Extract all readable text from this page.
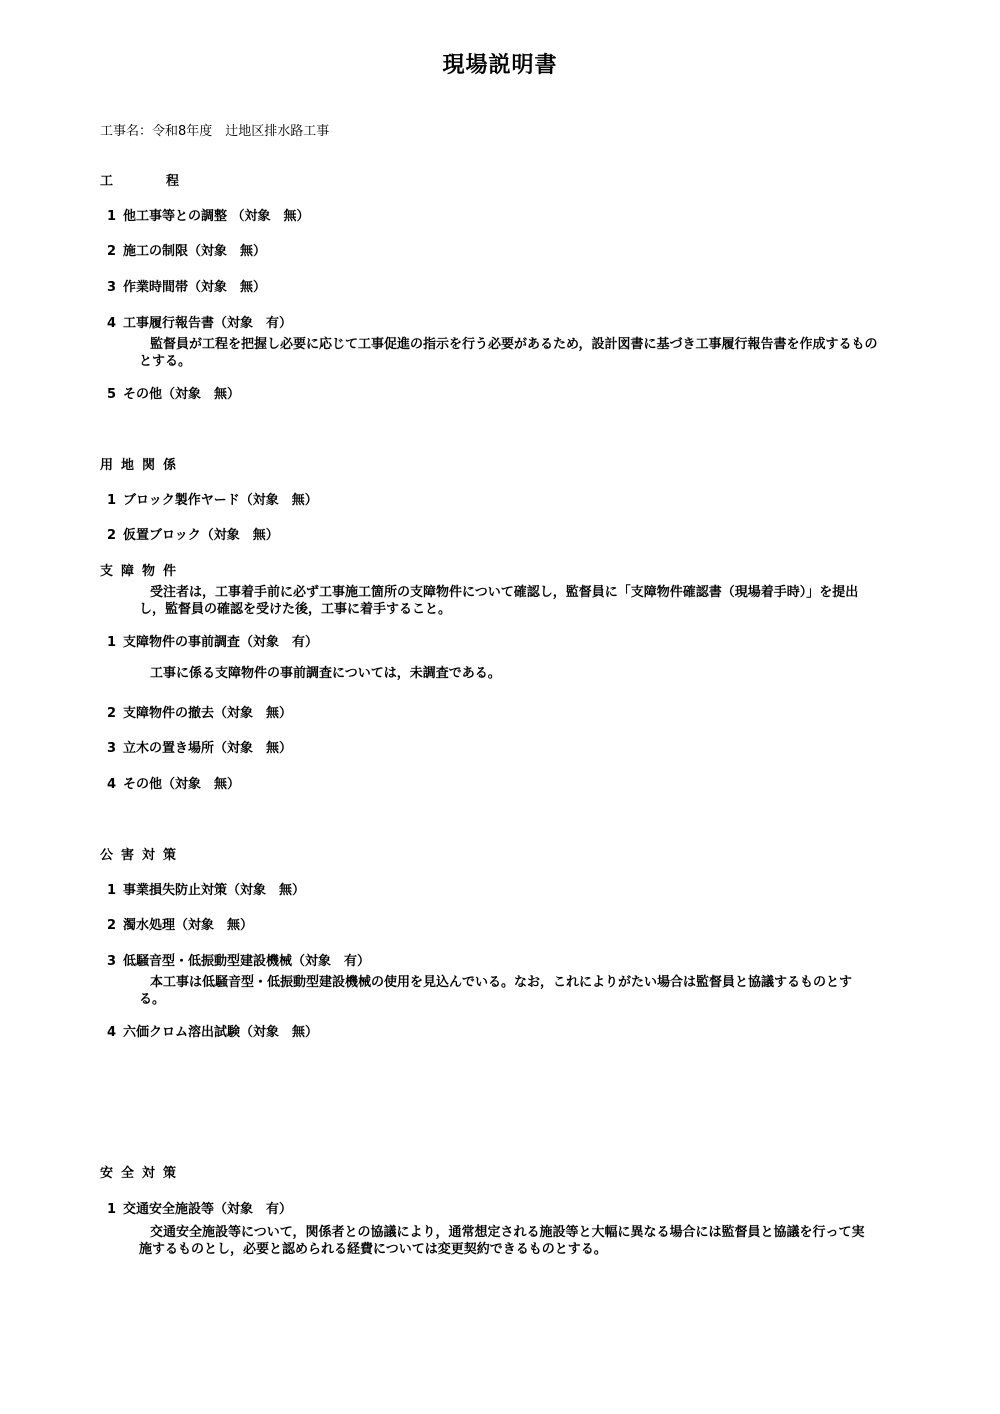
現場説明書
工事名：令和8年度　辻地区排水路工事
工　程
1 他工事等との調整 （対象　無）
2 施工の制限（対象　無）
3 作業時間帯（対象　無）
4 工事履行報告書（対象　有）
監督員が工程を把握し必要に応じて工事促進の指示を行う必要があるため，設計図書に基づき工事履行報告書を作成するものとする。
5 その他（対象　無）
用地関係
1 ブロック製作ヤード（対象　無）
2 仮置ブロック（対象　無）
支障物件
受注者は，工事着手前に必ず工事施工箇所の支障物件について確認し，監督員に「支障物件確認書（現場着手時）」を提出し，監督員の確認を受けた後，工事に着手すること。
1 支障物件の事前調査（対象　有）
工事に係る支障物件の事前調査については，未調査である。
2 支障物件の撤去（対象　無）
3 立木の置き場所（対象　無）
4 その他（対象　無）
公害対策
1 事業損失防止対策（対象　無）
2 濁水処理（対象　無）
3 低騒音型・低振動型建設機械（対象　有）
本工事は低騒音型・低振動型建設機械の使用を見込んでいる。なお，これによりがたい場合は監督員と協議するものとする。
4 六価クロム溶出試験（対象　無）
安全対策
1 交通安全施設等（対象　有）
交通安全施設等について，関係者との協議により，通常想定される施設等と大幅に異なる場合には監督員と協議を行って実施するものとし，必要と認められる経費については変更契約できるものとする。
